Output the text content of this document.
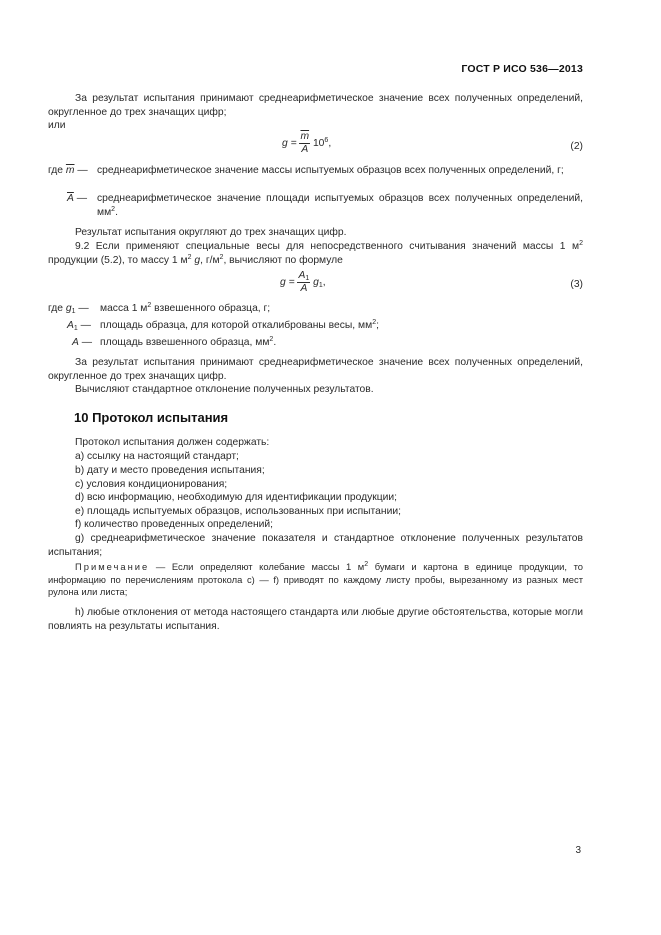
ГОСТ Р ИСО 536—2013

За результат испытания принимают среднеарифметическое значение всех полученных определений, округленное до трех значащих цифр;

или
$g = \frac{\overline{m}}{A} 10^6$,	(2)
где $\overline{m}$ — среднеарифметическое значение массы испытуемых образцов всех полученных определений, г;
$\overline{A}$ — среднеарифметическое значение площади испытуемых образцов всех полученных определений, $мм^2$.
Результат испытания округляют до трех значащих цифр.

9.2 Если применяют специальные весы для непосредственного считывания значений массы 1 $м^2$ продукции (5.2), то массу 1 $м^2$ g, $г/м^2$, вычисляют по формуле

$g = \frac{A_1}{A} g_1$,	(3)
где $g_1$ — масса 1 $м^2$ взвешенного образца, г;
$A_1$ — площадь образца, для которой откалиброваны весы, $мм^2$;
A — площадь взвешенного образца, $мм^2$.
За результат испытания принимают среднеарифметическое значение всех полученных определений, округленное до трех значащих цифр.
Вычисляют стандартное отклонение полученных результатов.
10 Протокол испытания
Протокол испытания должен содержать:
а) ссылку на настоящий стандарт;
b) дату и место проведения испытания;
с) условия кондиционирования;
d) всю информацию, необходимую для идентификации продукции;
е) площадь испытуемых образцов, использованных при испытании;
f) количество проведенных определений;
g) среднеарифметическое значение показателя и стандартное отклонение полученных результатов испытания;
Примечание — Если определяют колебание массы 1 $м^2$ бумаги и картона в единице продукции, то информацию по перечислениям протокола с) — f) приводят по каждому листу пробы, вырезанному из разных мест рулона или листа;
h) любые отклонения от метода настоящего стандарта или любые другие обстоятельства, которые могли повлиять на результаты испытания.
3
